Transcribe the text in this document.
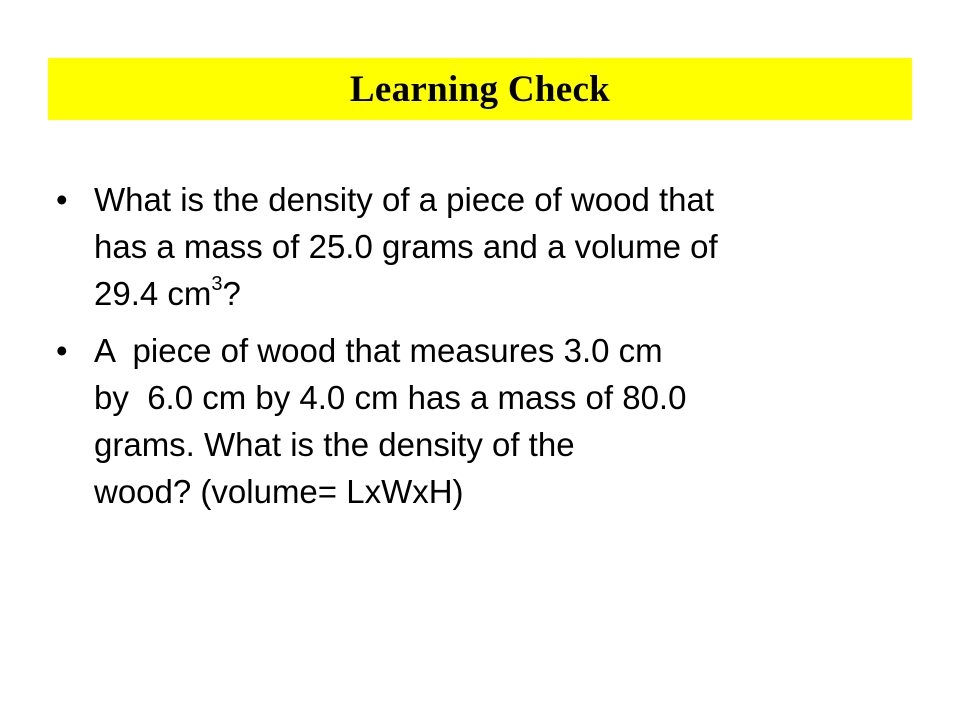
Learning Check
• What is the density of a piece of wood that
has a mass of 25.0 grams and a volume of
29.4 $cm^3$?
• A  piece of wood that measures 3.0 cm
by  6.0 cm by 4.0 cm has a mass of 80.0
grams. What is the density of the
wood? (volume= LxWxH)
